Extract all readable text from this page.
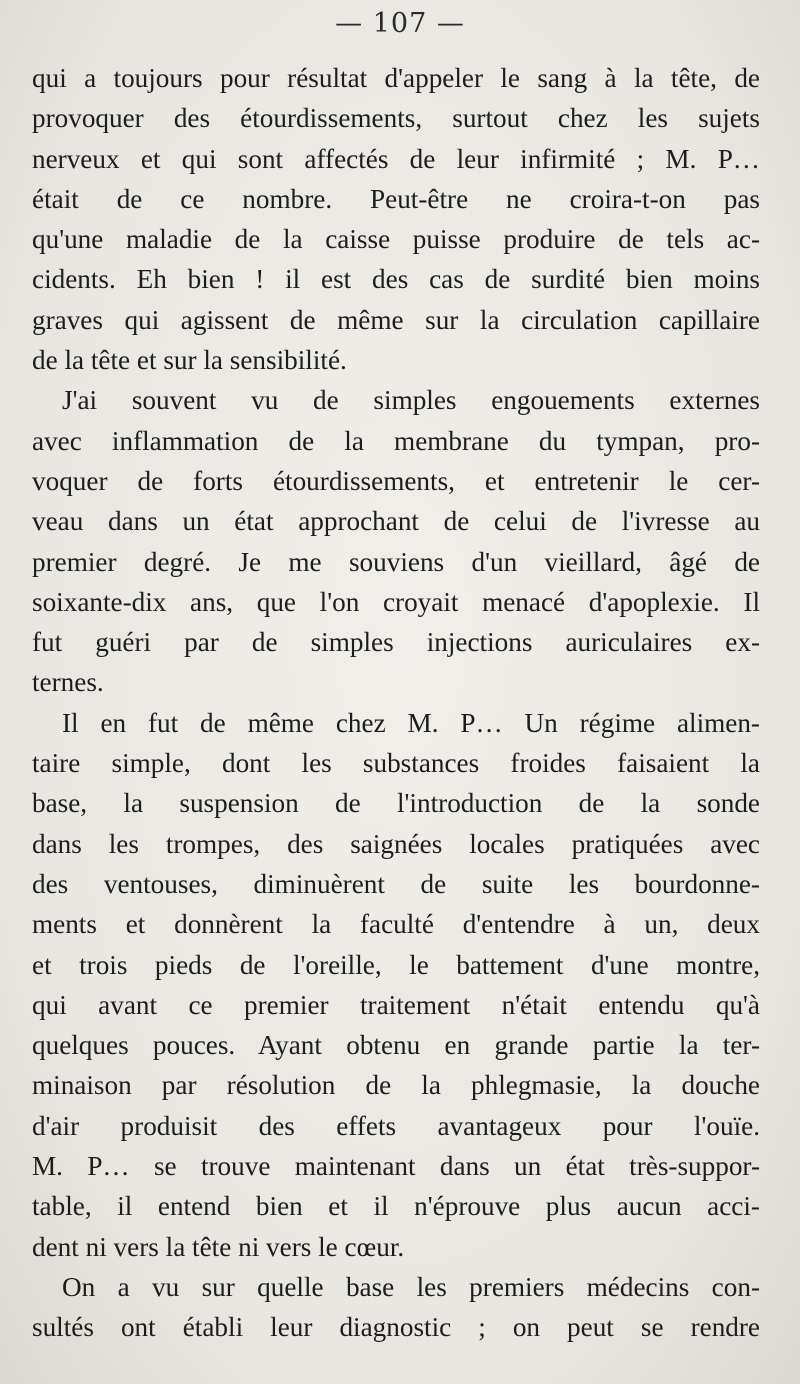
— 107 —
qui a toujours pour résultat d'appeler le sang à la tête, de
provoquer des étourdissements, surtout chez les sujets
nerveux et qui sont affectés de leur infirmité ; M. P…
était de ce nombre. Peut-être ne croira-t-on pas
qu'une maladie de la caisse puisse produire de tels ac-
cidents. Eh bien ! il est des cas de surdité bien moins
graves qui agissent de même sur la circulation capillaire
de la tête et sur la sensibilité.
J'ai souvent vu de simples engouements externes
avec inflammation de la membrane du tympan, pro-
voquer de forts étourdissements, et entretenir le cer-
veau dans un état approchant de celui de l'ivresse au
premier degré. Je me souviens d'un vieillard, âgé de
soixante-dix ans, que l'on croyait menacé d'apoplexie. Il
fut guéri par de simples injections auriculaires ex-
ternes.
Il en fut de même chez M. P… Un régime alimen-
taire simple, dont les substances froides faisaient la
base, la suspension de l'introduction de la sonde
dans les trompes, des saignées locales pratiquées avec
des ventouses, diminuèrent de suite les bourdonne-
ments et donnèrent la faculté d'entendre à un, deux
et trois pieds de l'oreille, le battement d'une montre,
qui avant ce premier traitement n'était entendu qu'à
quelques pouces. Ayant obtenu en grande partie la ter-
minaison par résolution de la phlegmasie, la douche
d'air produisit des effets avantageux pour l'ouïe.
M. P… se trouve maintenant dans un état très-suppor-
table, il entend bien et il n'éprouve plus aucun acci-
dent ni vers la tête ni vers le cœur.
On a vu sur quelle base les premiers médecins con-
sultés ont établi leur diagnostic ; on peut se rendre
